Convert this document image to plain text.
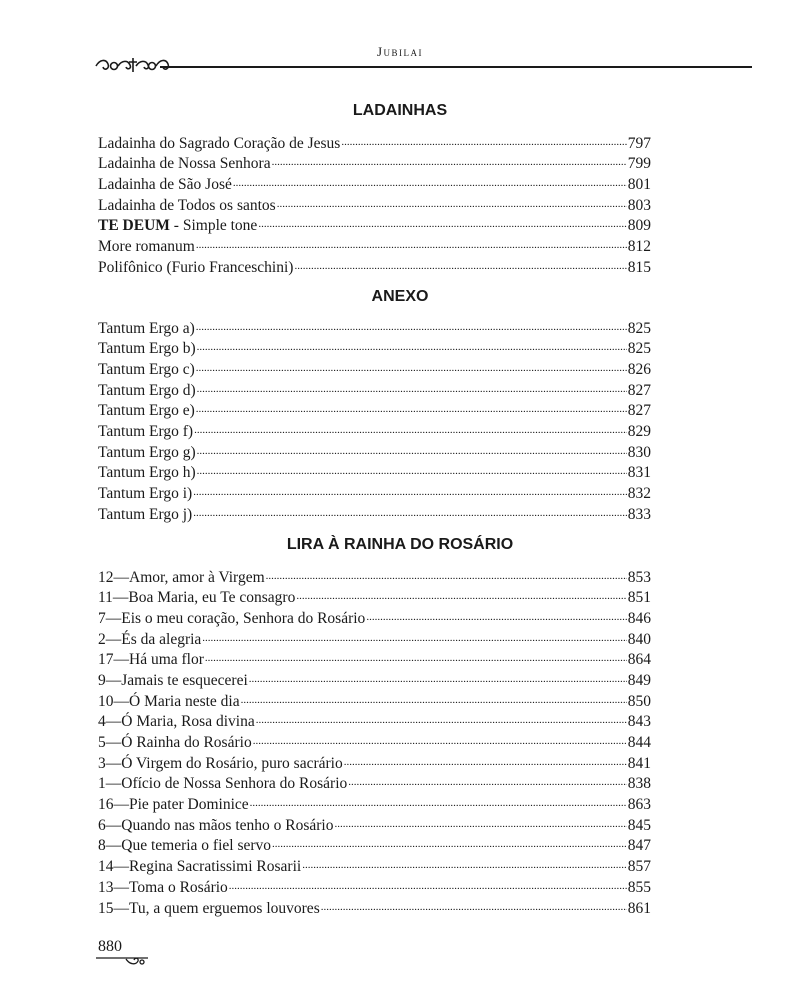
Jubilai
LADAINHAS
Ladainha do Sagrado Coração de Jesus .....	797
Ladainha de Nossa Senhora .....	799
Ladainha de São José .....	801
Ladainha de Todos os santos .....	803
TE DEUM - Simple tone .....	809
More romanum .....	812
Polifônico (Furio Franceschini) .....	815
ANEXO
Tantum Ergo a) .....	825
Tantum Ergo b) .....	825
Tantum Ergo c) .....	826
Tantum Ergo d) .....	827
Tantum Ergo e) .....	827
Tantum Ergo f) .....	829
Tantum Ergo g) .....	830
Tantum Ergo h) .....	831
Tantum Ergo i) .....	832
Tantum Ergo j) .....	833
LIRA À RAINHA DO ROSÁRIO
12—Amor, amor à Virgem .....	853
11—Boa Maria, eu Te consagro .....	851
7—Eis o meu coração, Senhora do Rosário .....	846
2—És da alegria .....	840
17—Há uma flor .....	864
9—Jamais te esquecerei .....	849
10—Ó Maria neste dia .....	850
4—Ó Maria, Rosa divina .....	843
5—Ó Rainha do Rosário .....	844
3—Ó Virgem do Rosário, puro sacrário .....	841
1—Ofício de Nossa Senhora do Rosário .....	838
16—Pie pater Dominice .....	863
6—Quando nas mãos tenho o Rosário .....	845
8—Que temeria o fiel servo .....	847
14—Regina Sacratissimi Rosarii .....	857
13—Toma o Rosário .....	855
15—Tu, a quem erguemos louvores .....	861
880
